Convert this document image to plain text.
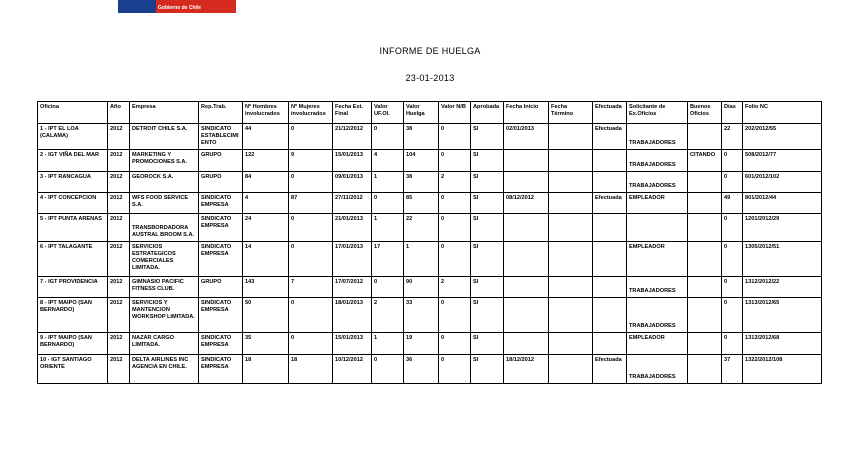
Gobierno de Chile
INFORME DE HUELGA
23-01-2013
Oficina	Año	Empresa	Rep.Trab.	Nº Hombres involucrados	Nº Mujeres involucrados	Fecha Est. Final	Valor UF.Ol.	Valor Huelga	Valor N/B	Aprobada	Fecha Inicio	Fecha Término	Efectuada	Solicitante de Ex.Oficios	Buenos Oficios	Días	Folio NC
1 - IPT EL LOA (CALAMA)	2012	DETROIT CHILE S.A.	SINDICATO ESTABLECIMIENTO	44	0	21/12/2012	0	38	0	SI	02/01/2013		Efectuada	TRABAJADORES		22	202/2012/55
2 - IGT VIÑA DEL MAR	2012	MARKETING Y PROMOCIONES S.A.	GRUPO	122	9	15/01/2013	4	104	0	SI				TRABAJADORES	CITANDO	0	508/2012/77
3 - IPT RANCAGUA	2012	GEOROCK S.A.	GRUPO	84	0	09/01/2013	1	38	2	SI				TRABAJADORES		0	601/2012/102
4 - IPT CONCEPCION	2012	WFS FOOD SERVICE S.A.	SINDICATO EMPRESA	4	87	27/11/2012	0	85	0	SI	08/12/2012		Efectuada	EMPLEADOR		49	801/2012/44
5 - IPT PUNTA ARENAS	2012	TRANSBORDADORA AUSTRAL BROOM S.A.	SINDICATO EMPRESA	24	0	21/01/2013	1	22	0	SI						0	1201/2012/29
6 - IPT TALAGANTE	2012	SERVICIOS ESTRATEGICOS COMERCIALES LIMITADA.	SINDICATO EMPRESA	14	0	17/01/2013	17	1	0	SI				EMPLEADOR		0	1305/2012/51
7 - IGT PROVIDENCIA	2012	GIMNASIO PACIFIC FITNESS CLUB.	GRUPO	143	7	17/07/2012	0	90	2	SI				TRABAJADORES		0	1312/2012/22
8 - IPT MAIPO (SAN BERNARDO)	2012	SERVICIOS Y MANTENCION WORKSHOP LIMITADA.	SINDICATO EMPRESA	50	0	18/01/2013	2	33	0	SI				TRABAJADORES		0	1313/2012/65
9 - IPT MAIPO (SAN BERNARDO)	2012	NAZAR CARGO LIMITADA.	SINDICATO EMPRESA	35	0	15/01/2013	1	19	0	SI				EMPLEADOR		0	1313/2012/68
10 - IGT SANTIAGO ORIENTE	2012	DELTA AIRLINES INC AGENCIA EN CHILE.	SINDICATO EMPRESA	18	18	10/12/2012	0	36	0	SI	18/12/2012		Efectuada	TRABAJADORES		37	1322/2012/108
